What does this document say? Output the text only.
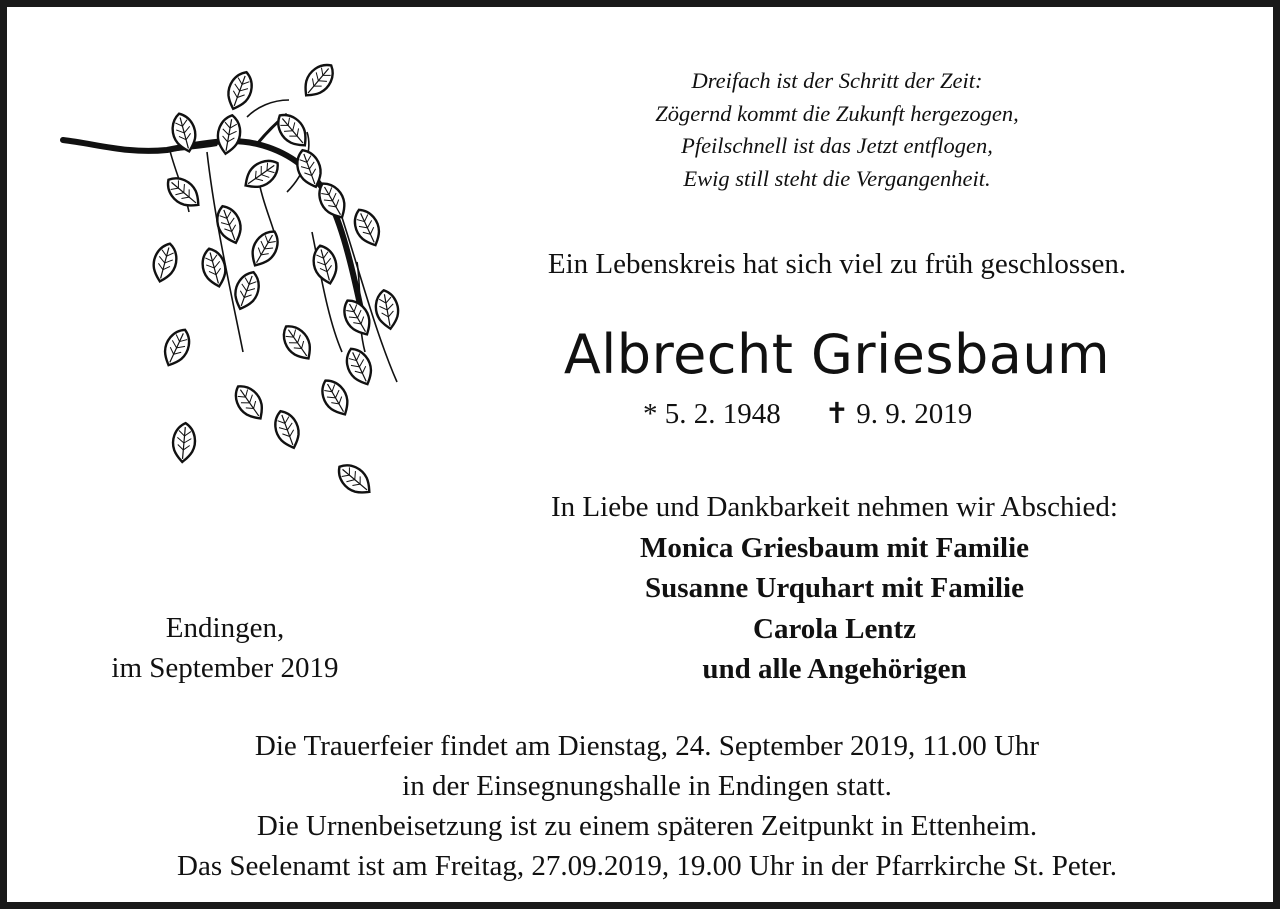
Dreifach ist der Schritt der Zeit:
Zögernd kommt die Zukunft hergezogen,
Pfeilschnell ist das Jetzt entflogen,
Ewig still steht die Vergangenheit.
Ein Lebenskreis hat sich viel zu früh geschlossen.
Albrecht Griesbaum
* 5. 2. 1948 ✝ 9. 9. 2019
In Liebe und Dankbarkeit nehmen wir Abschied:
Monica Griesbaum mit Familie
Susanne Urquhart mit Familie
Carola Lentz
und alle Angehörigen
Endingen,
im September 2019
Die Trauerfeier findet am Dienstag, 24. September 2019, 11.00 Uhr
in der Einsegnungshalle in Endingen statt.
Die Urnenbeisetzung ist zu einem späteren Zeitpunkt in Ettenheim.
Das Seelenamt ist am Freitag, 27.09.2019, 19.00 Uhr in der Pfarrkirche St. Peter.
